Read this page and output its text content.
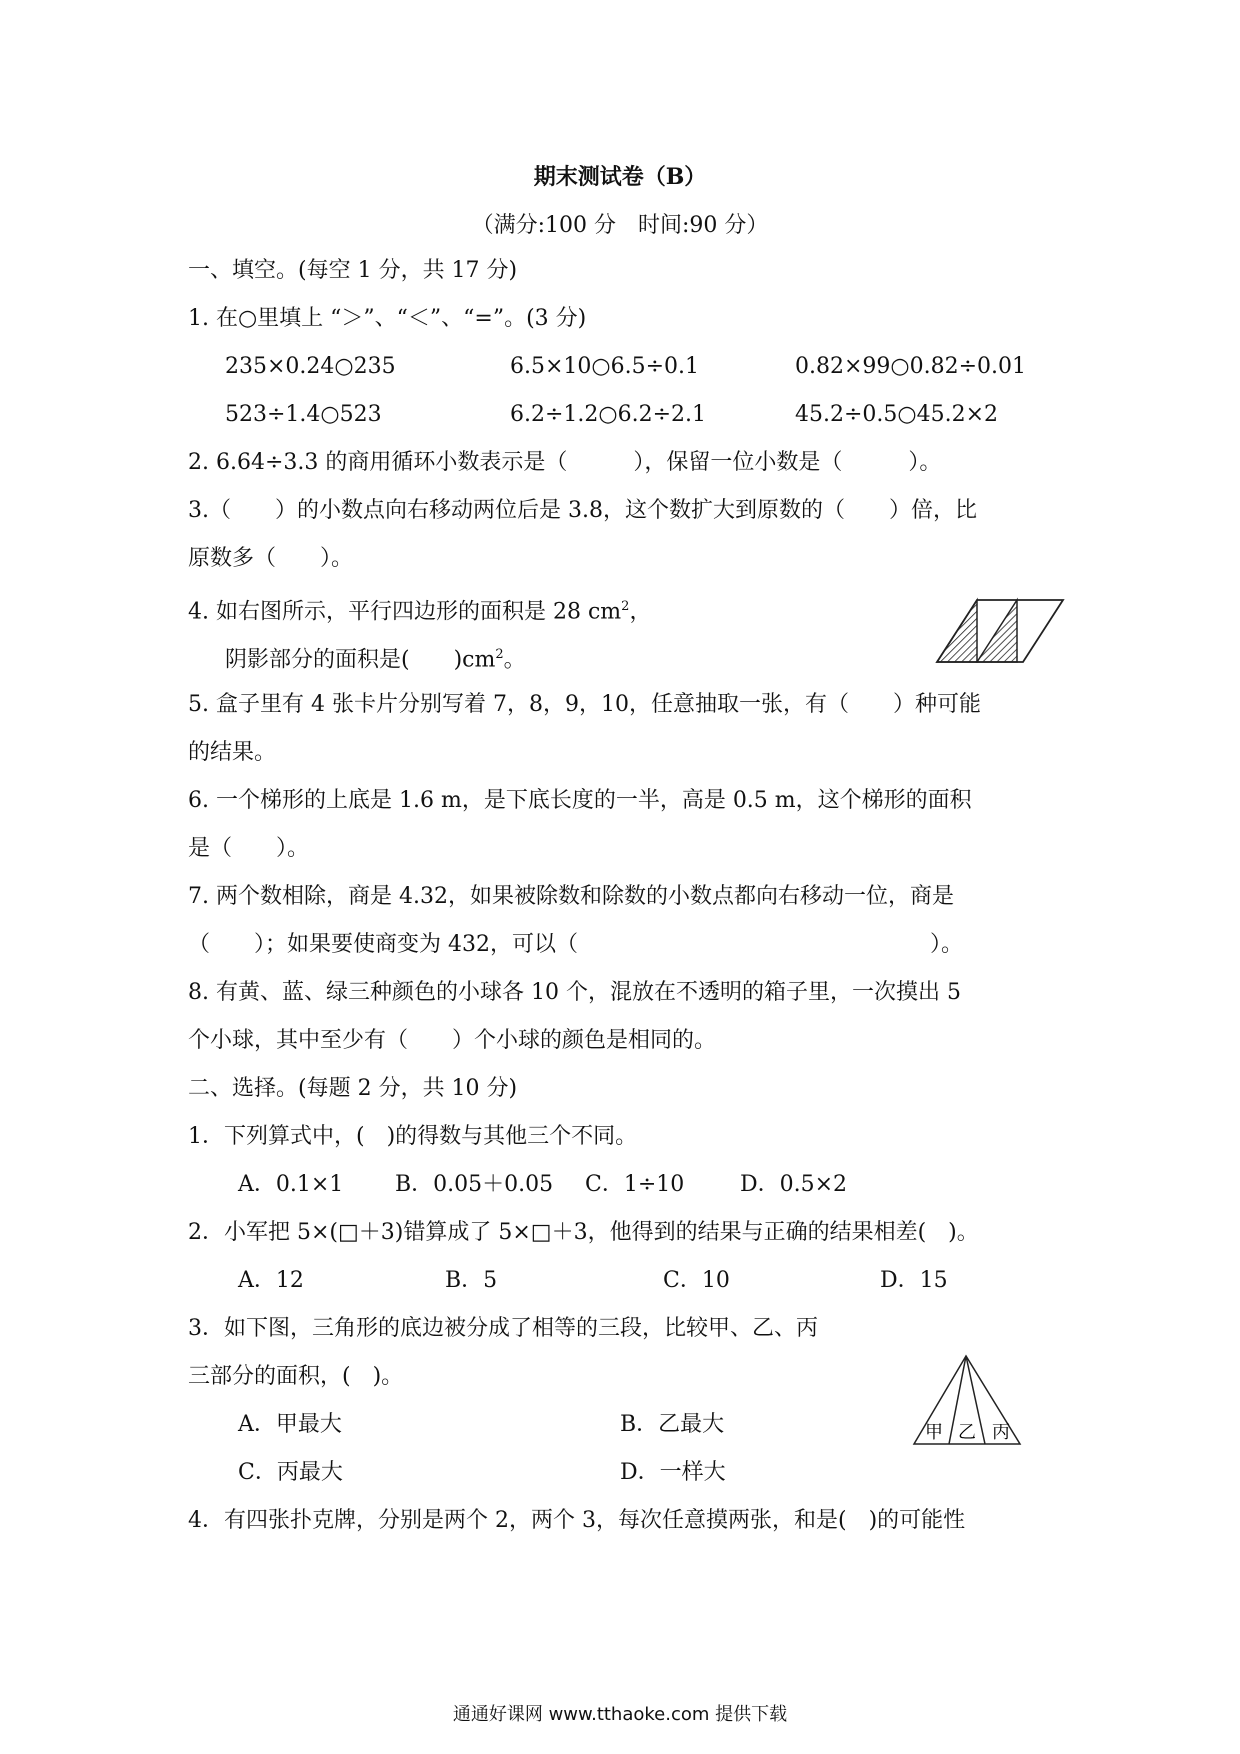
期末测试卷（B）
（满分:100 分　时间:90 分）
一、填空。(每空 1 分，共 17 分)
1. 在○里填上 “＞”、“＜”、“=”。(3 分)
235×0.24○235	6.5×10○6.5÷0.1	0.82×99○0.82÷0.01
523÷1.4○523	6.2÷1.2○6.2÷2.1	45.2÷0.5○45.2×2
2. 6.64÷3.3 的商用循环小数表示是（　　　），保留一位小数是（　　　）。
3.（　　）的小数点向右移动两位后是 3.8，这个数扩大到原数的（　　）倍，比
原数多（　　）。
4. 如右图所示，平行四边形的面积是 28 $cm^2$，
阴影部分的面积是(　　)$cm^2$。
5. 盒子里有 4 张卡片分别写着 7，8，9，10，任意抽取一张，有（　　）种可能
的结果。
6. 一个梯形的上底是 1.6 m，是下底长度的一半，高是 0.5 m，这个梯形的面积
是（　　）。
7. 两个数相除，商是 4.32，如果被除数和除数的小数点都向右移动一位，商是
（　　）；如果要使商变为 432，可以（　　　　　　　　　　　　　　　　）。
8. 有黄、蓝、绿三种颜色的小球各 10 个，混放在不透明的箱子里，一次摸出 5
个小球，其中至少有（　　）个小球的颜色是相同的。
二、选择。(每题 2 分，共 10 分)
1．下列算式中，(　)的得数与其他三个不同。
A．0.1×1 B．0.05＋0.05 C．1÷10	D．0.5×2
2．小军把 5×(□＋3)错算成了 5×□＋3，他得到的结果与正确的结果相差(　)。
A．12	B．5	C．10	D．15
3．如下图，三角形的底边被分成了相等的三段，比较甲、乙、丙
三部分的面积，(　)。
甲 乙 丙
A．甲最大	B．乙最大
C．丙最大	D．一样大
4．有四张扑克牌，分别是两个 2，两个 3，每次任意摸两张，和是(　)的可能性
通通好课网 www.tthaoke.com 提供下载
